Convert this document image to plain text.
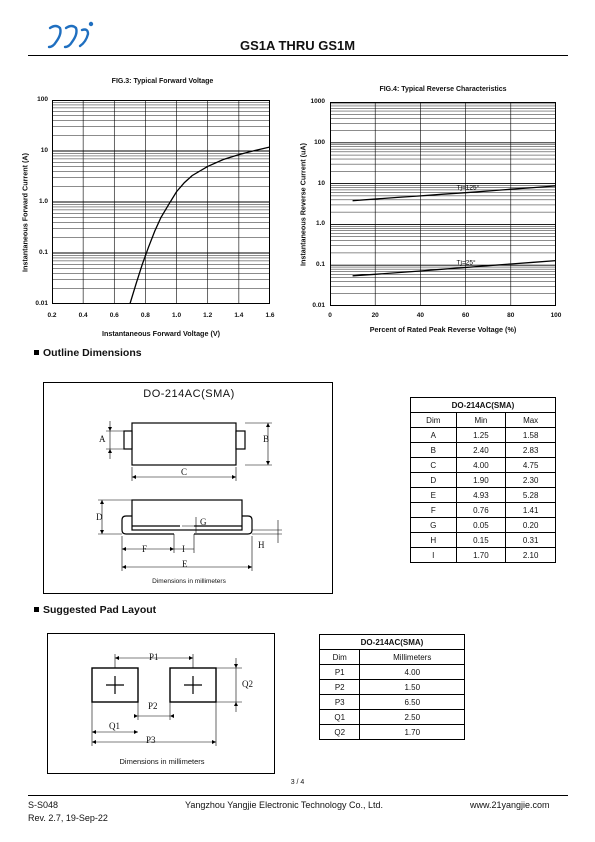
GS1A THRU GS1M
FIG.3: Typical Forward Voltage
100
10
1.0
0.1
0.01
0.2	0.4	0.6	0.8	1.0	1.2	1.4	1.6
Instantaneous Forward Current (A)
Instantaneous Forward Voltage (V)
FIG.4: Typical Reverse Characteristics
Tj=125°
Tj=25°
1000
100
10
1.0
0.1
0.01
0	20	40	60	80	100
Instantaneous Reverse Current (uA)
Percent of Rated Peak Reverse Voltage (%)
Outline Dimensions
DO-214AC(SMA)
A	B
C
D
E
F
G
H
I
Dimensions in millimeters
DO-214AC(SMA)		
Dim	Min	Max
A	1.25	1.58
B	2.40	2.83
C	4.00	4.75
D	1.90	2.30
E	4.93	5.28
F	0.76	1.41
G	0.05	0.20
H	0.15	0.31
I	1.70	2.10
Suggested Pad Layout
P1
P2
P3
Q1
Q2
Dimensions in millimeters
DO-214AC(SMA)	
Dim	Millimeters
P1	4.00
P2	1.50
P3	6.50
Q1	2.50
Q2	1.70
3 / 4
S-S048
Rev. 2.7, 19-Sep-22
Yangzhou Yangjie Electronic Technology Co., Ltd.	www.21yangjie.com
